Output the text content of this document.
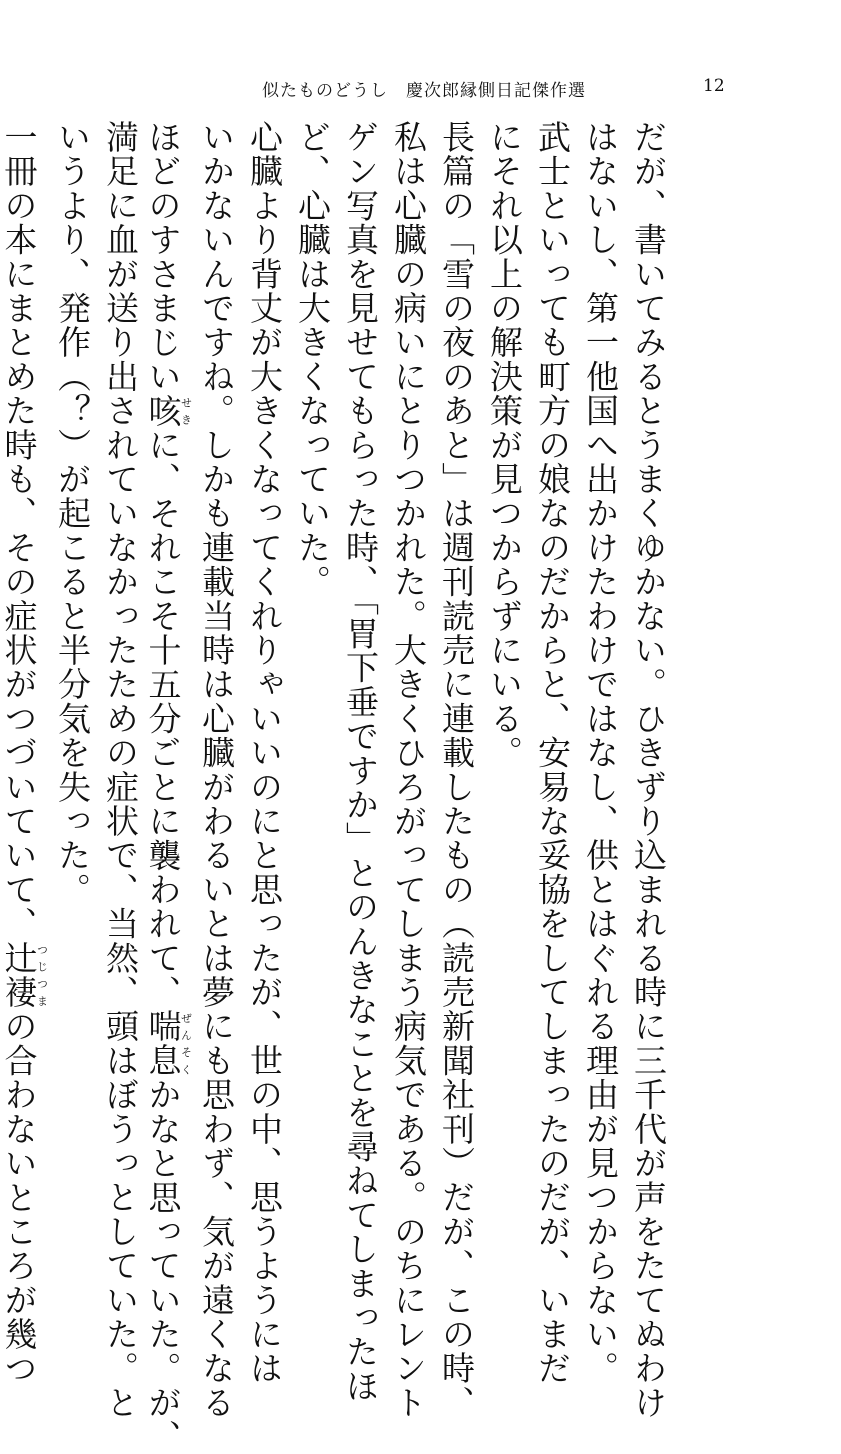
似たものどうし 慶次郎縁側日記傑作選	12
だが、書いてみるとうまくゆかない。ひきずり込まれる時に三千代が声をたてぬわけ
はないし、第一他国へ出かけたわけではなし、供とはぐれる理由が見つからない。
武士といっても町方の娘なのだからと、安易な妥協をしてしまったのだが、いまだ
にそれ以上の解決策が見つからずにいる。
長篇の「雪の夜のあと」は週刊読売に連載したもの（読売新聞社刊）だが、この時、
私は心臓の病いにとりつかれた。大きくひろがってしまう病気である。のちにレント
ゲン写真を見せてもらった時、「胃下垂ですか」とのんきなことを尋ねてしまったほ
ど、心臓は大きくなっていた。
心臓より背丈が大きくなってくれりゃいいのにと思ったが、世の中、思うようには
いかないんですね。しかも連載当時は心臓がわるいとは夢にも思わず、気が遠くなる
ほどのすさまじい咳せきに、それこそ十五分ごとに襲われて、喘息ぜんそくかなと思っていた。が、
満足に血が送り出されていなかったための症状で、当然、頭はぼうっとしていた。と
いうより、発作（？）が起こると半分気を失った。
一冊の本にまとめた時も、その症状がつづいていて、辻褄つじつまの合わないところが幾つ
